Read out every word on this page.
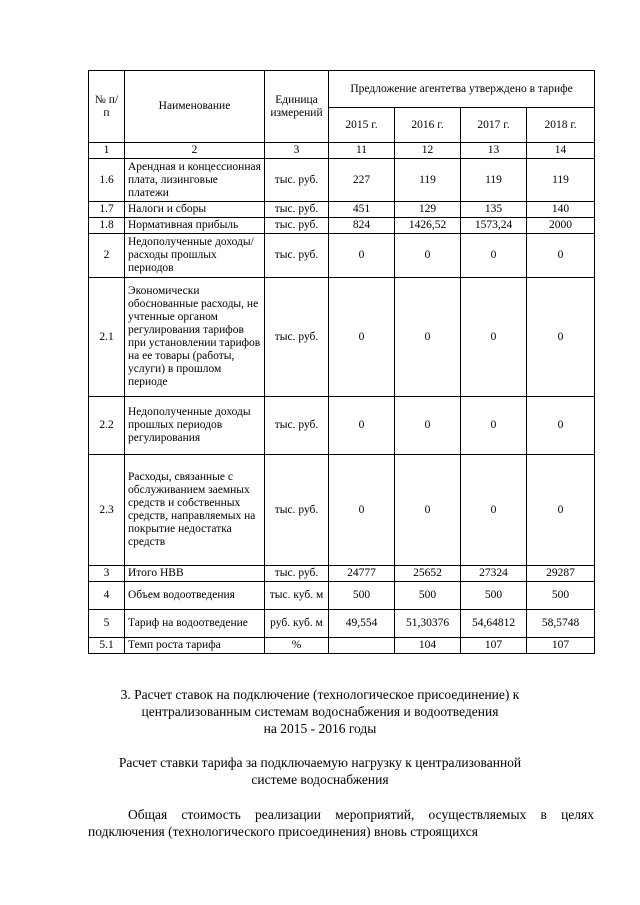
№ п/п	Наименование	Единица измерений	Предложение агентетва утверждено в тарифе			
			2015 г.	2016 г.	2017 г.	2018 г.
1	2	3	11	12	13	14
1.6	Арендная и концессионная плата, лизинговые платежи	тыс. руб.	227	119	119	119
1.7	Налоги и сборы	тыс. руб.	451	129	135	140
1.8	Нормативная прибыль	тыс. руб.	824	1426,52	1573,24	2000
2	Недополученные доходы/расходы прошлых периодов	тыс. руб.	0	0	0	0
2.1	Экономически обоснованные расходы, не учтенные органом регулирования тарифов при установлении тарифов на ее товары (работы, услуги) в прошлом периоде	тыс. руб.	0	0	0	0
2.2	Недополученные доходы прошлых периодов регулирования	тыс. руб.	0	0	0	0
2.3	Расходы, связанные с обслуживанием заемных средств и собственных средств, направляемых на покрытие недостатка средств	тыс. руб.	0	0	0	0
3	Итого НВВ	тыс. руб.	24777	25652	27324	29287
4	Объем водоотведения	тыс. куб. м	500	500	500	500
5	Тариф на водоотведение	руб. куб. м	49,554	51,30376	54,64812	58,5748
5.1	Темп роста тарифа	%		104	107	107
3. Расчет ставок на подключение (технологическое присоединение) к
централизованным системам водоснабжения и водоотведения
на 2015 - 2016 годы
Расчет ставки тарифа за подключаемую нагрузку к централизованной
системе водоснабжения
Общая стоимость реализации мероприятий, осуществляемых в целях подключения (технологического присоединения) вновь строящихся
